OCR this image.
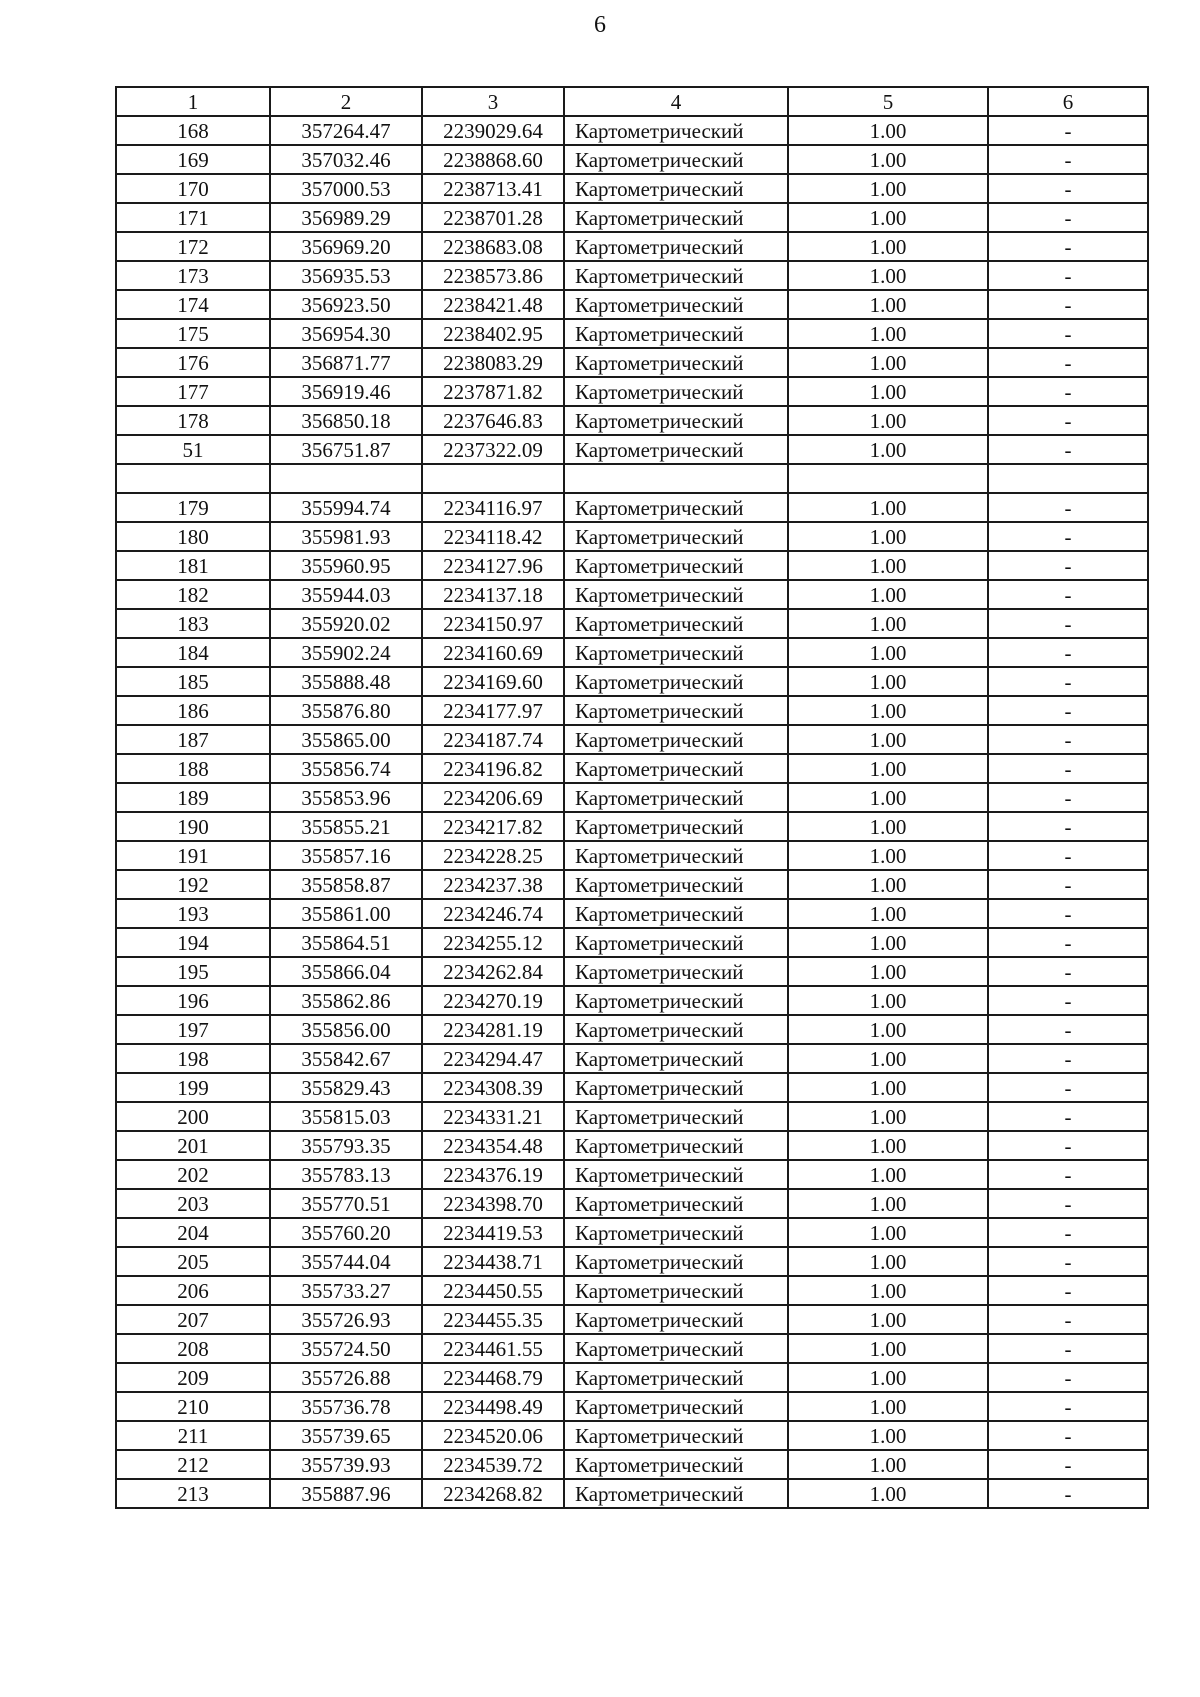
6
1	2	3	4	5	6
168	357264.47	2239029.64	Картометрический	1.00	-
169	357032.46	2238868.60	Картометрический	1.00	-
170	357000.53	2238713.41	Картометрический	1.00	-
171	356989.29	2238701.28	Картометрический	1.00	-
172	356969.20	2238683.08	Картометрический	1.00	-
173	356935.53	2238573.86	Картометрический	1.00	-
174	356923.50	2238421.48	Картометрический	1.00	-
175	356954.30	2238402.95	Картометрический	1.00	-
176	356871.77	2238083.29	Картометрический	1.00	-
177	356919.46	2237871.82	Картометрический	1.00	-
178	356850.18	2237646.83	Картометрический	1.00	-
51	356751.87	2237322.09	Картометрический	1.00	-

179	355994.74	2234116.97	Картометрический	1.00	-
180	355981.93	2234118.42	Картометрический	1.00	-
181	355960.95	2234127.96	Картометрический	1.00	-
182	355944.03	2234137.18	Картометрический	1.00	-
183	355920.02	2234150.97	Картометрический	1.00	-
184	355902.24	2234160.69	Картометрический	1.00	-
185	355888.48	2234169.60	Картометрический	1.00	-
186	355876.80	2234177.97	Картометрический	1.00	-
187	355865.00	2234187.74	Картометрический	1.00	-
188	355856.74	2234196.82	Картометрический	1.00	-
189	355853.96	2234206.69	Картометрический	1.00	-
190	355855.21	2234217.82	Картометрический	1.00	-
191	355857.16	2234228.25	Картометрический	1.00	-
192	355858.87	2234237.38	Картометрический	1.00	-
193	355861.00	2234246.74	Картометрический	1.00	-
194	355864.51	2234255.12	Картометрический	1.00	-
195	355866.04	2234262.84	Картометрический	1.00	-
196	355862.86	2234270.19	Картометрический	1.00	-
197	355856.00	2234281.19	Картометрический	1.00	-
198	355842.67	2234294.47	Картометрический	1.00	-
199	355829.43	2234308.39	Картометрический	1.00	-
200	355815.03	2234331.21	Картометрический	1.00	-
201	355793.35	2234354.48	Картометрический	1.00	-
202	355783.13	2234376.19	Картометрический	1.00	-
203	355770.51	2234398.70	Картометрический	1.00	-
204	355760.20	2234419.53	Картометрический	1.00	-
205	355744.04	2234438.71	Картометрический	1.00	-
206	355733.27	2234450.55	Картометрический	1.00	-
207	355726.93	2234455.35	Картометрический	1.00	-
208	355724.50	2234461.55	Картометрический	1.00	-
209	355726.88	2234468.79	Картометрический	1.00	-
210	355736.78	2234498.49	Картометрический	1.00	-
211	355739.65	2234520.06	Картометрический	1.00	-
212	355739.93	2234539.72	Картометрический	1.00	-
213	355887.96	2234268.82	Картометрический	1.00	-
